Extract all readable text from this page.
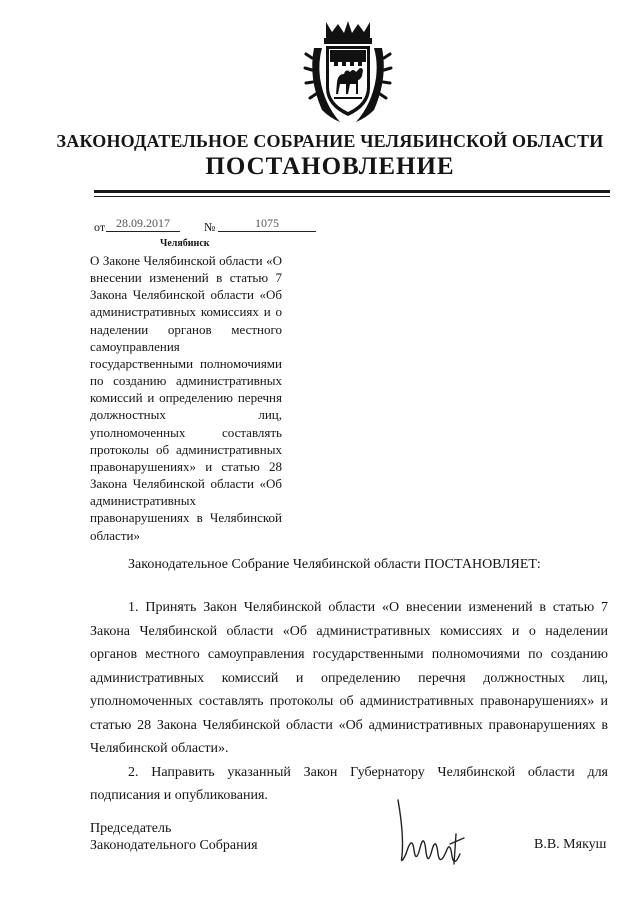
ЗАКОНОДАТЕЛЬНОЕ СОБРАНИЕ ЧЕЛЯБИНСКОЙ ОБЛАСТИ
ПОСТАНОВЛЕНИЕ
от 28.09.2017	№	1075
Челябинск
О Законе Челябинской области «О внесении изменений в статью 7 Закона Челябинской области «Об административных комиссиях и о наделении органов местного самоуправления государственными полномочиями по созданию административных комиссий и определению перечня должностных лиц, уполномоченных составлять протоколы об административных правонарушениях» и статью 28 Закона Челябинской области «Об административных правонарушениях в Челябинской области»
Законодательное Собрание Челябинской области ПОСТАНОВЛЯЕТ:

1. Принять Закон Челябинской области «О внесении изменений в статью 7 Закона Челябинской области «Об административных комиссиях и о наделении органов местного самоуправления государственными полномочиями по созданию административных комиссий и определению перечня должностных лиц, уполномоченных составлять протоколы об административных правонарушениях» и статью 28 Закона Челябинской области «Об административных правонарушениях в Челябинской области».

2. Направить указанный Закон Губернатору Челябинской области для подписания и опубликования.

Председатель
Законодательного Собрания	В.В. Мякуш
